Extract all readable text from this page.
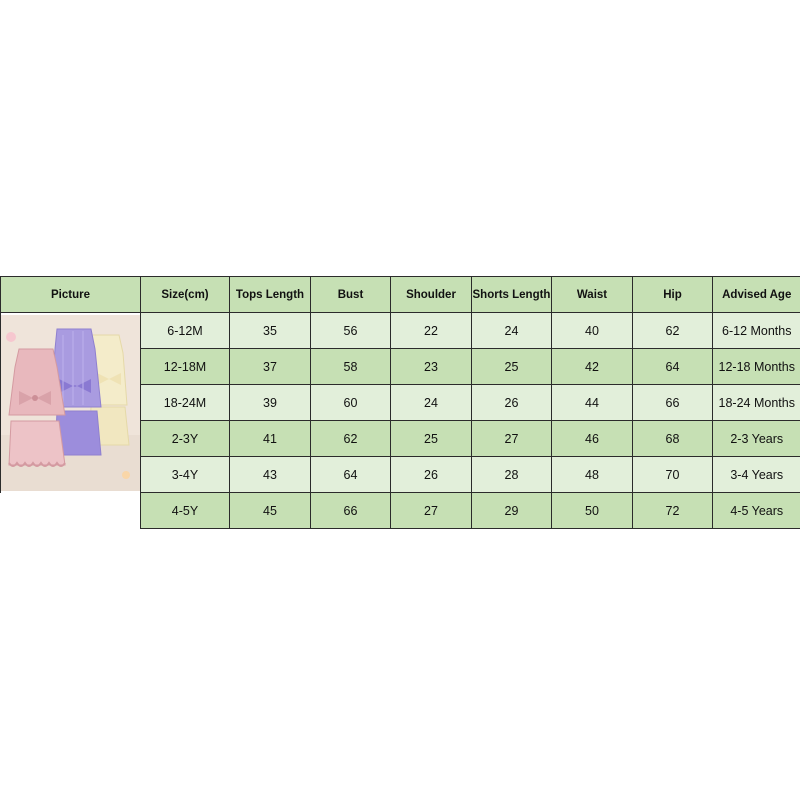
Picture	Size(cm)	Tops Length	Bust	Shoulder	Shorts Length	Waist	Hip	Advised Age

	6-12M	35	56	22	24	40	62	6-12 Months
	12-18M	37	58	23	25	42	64	12-18 Months
	18-24M	39	60	24	26	44	66	18-24 Months
	2-3Y	41	62	25	27	46	68	2-3 Years
	3-4Y	43	64	26	28	48	70	3-4 Years
	4-5Y	45	66	27	29	50	72	4-5 Years
